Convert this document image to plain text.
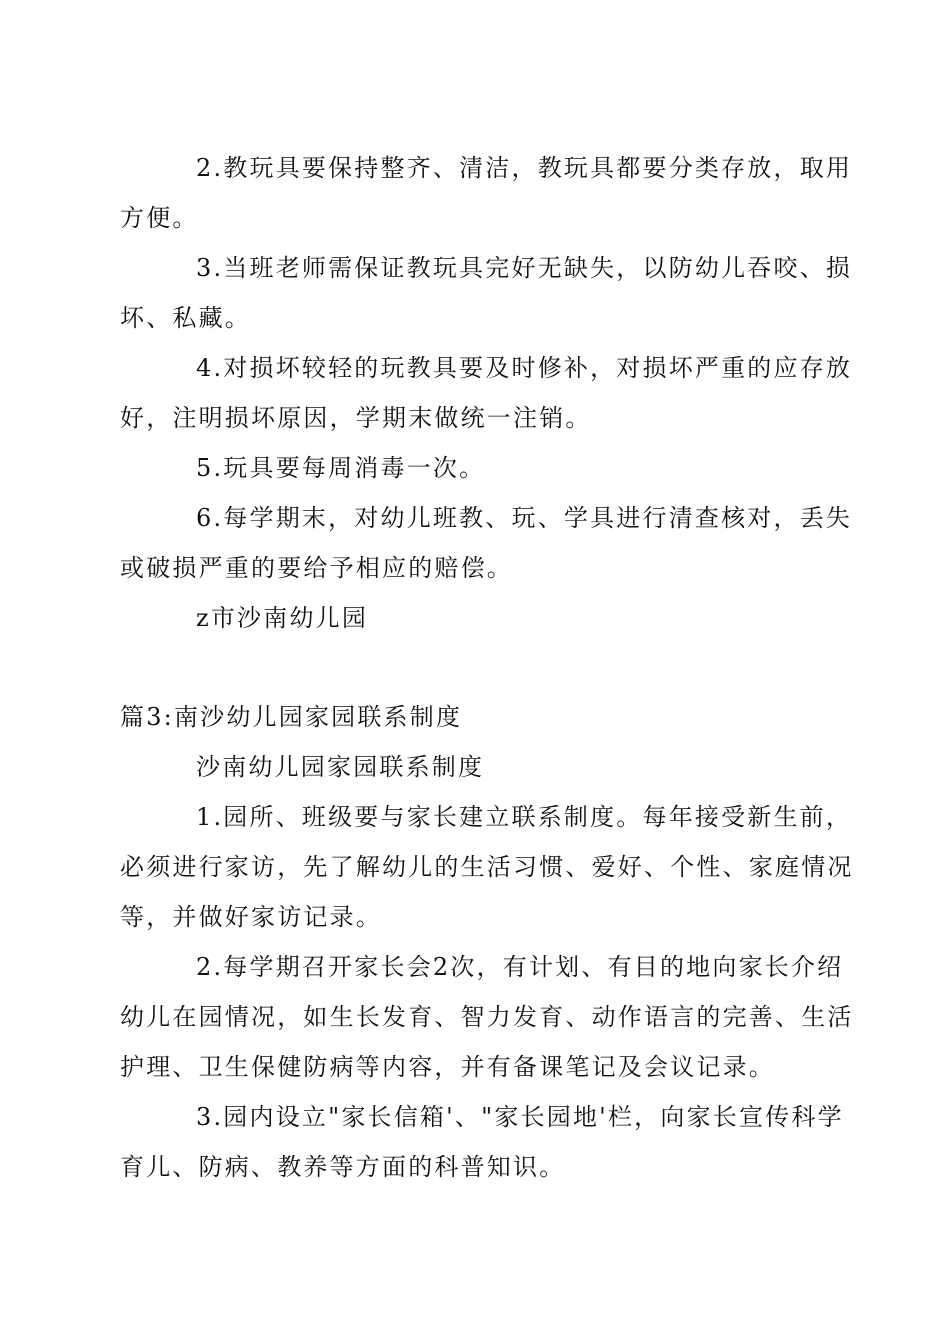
2.教玩具要保持整齐、清洁，教玩具都要分类存放，取用
方便。
3.当班老师需保证教玩具完好无缺失，以防幼儿吞咬、损
坏、私藏。
4.对损坏较轻的玩教具要及时修补，对损坏严重的应存放
好，注明损坏原因，学期末做统一注销。
5.玩具要每周消毒一次。
6.每学期末，对幼儿班教、玩、学具进行清查核对，丢失
或破损严重的要给予相应的赔偿。
z市沙南幼儿园
篇3:南沙幼儿园家园联系制度
沙南幼儿园家园联系制度
1.园所、班级要与家长建立联系制度。每年接受新生前，
必须进行家访，先了解幼儿的生活习惯、爱好、个性、家庭情况
等，并做好家访记录。
2.每学期召开家长会2次，有计划、有目的地向家长介绍
幼儿在园情况，如生长发育、智力发育、动作语言的完善、生活
护理、卫生保健防病等内容，并有备课笔记及会议记录。
3.园内设立"家长信箱'、"家长园地'栏，向家长宣传科学
育儿、防病、教养等方面的科普知识。
